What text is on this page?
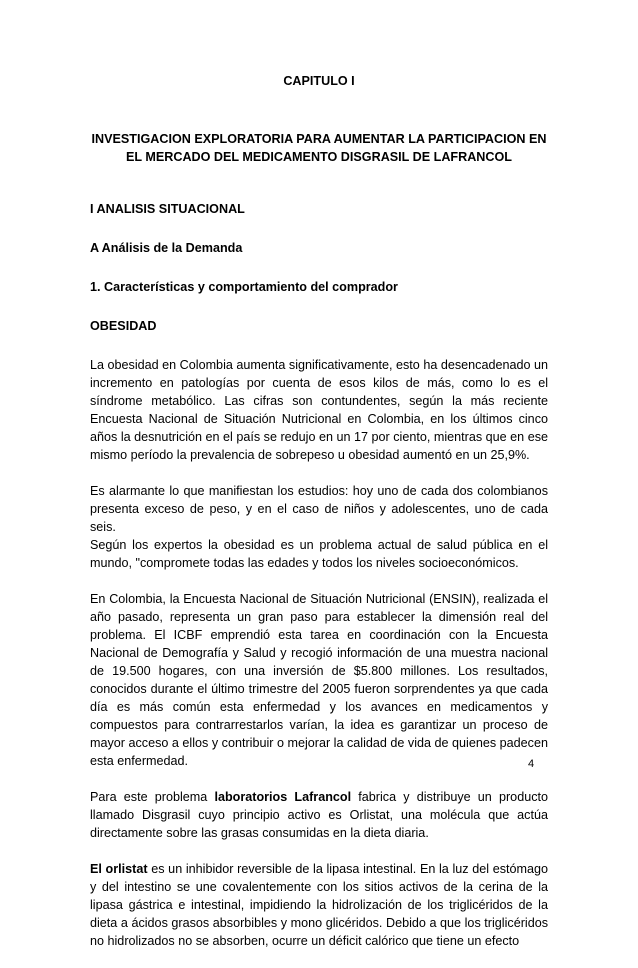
CAPITULO I
INVESTIGACION EXPLORATORIA PARA AUMENTAR LA PARTICIPACION EN EL MERCADO DEL MEDICAMENTO DISGRASIL DE LAFRANCOL
I ANALISIS SITUACIONAL
A Análisis de la Demanda
1. Características y comportamiento del comprador
OBESIDAD

La obesidad en Colombia aumenta significativamente, esto ha desencadenado un incremento en patologías por cuenta de esos kilos de más, como lo es el síndrome metabólico. Las cifras son contundentes, según la más reciente Encuesta Nacional de Situación Nutricional en Colombia, en los últimos cinco años la desnutrición en el país se redujo en un 17 por ciento, mientras que en ese mismo período la prevalencia de sobrepeso u obesidad aumentó en un 25,9%.

Es alarmante lo que manifiestan los estudios: hoy uno de cada dos colombianos presenta exceso de peso, y en el caso de niños y adolescentes, uno de cada seis.

Según los expertos la obesidad es un problema actual de salud pública en el mundo, "compromete todas las edades y todos los niveles socioeconómicos.

En Colombia, la Encuesta Nacional de Situación Nutricional (ENSIN), realizada el año pasado, representa un gran paso para establecer la dimensión real del problema. El ICBF emprendió esta tarea en coordinación con la Encuesta Nacional de Demografía y Salud y recogió información de una muestra nacional de 19.500 hogares, con una inversión de $5.800 millones. Los resultados, conocidos durante el último trimestre del 2005 fueron sorprendentes ya que cada día es más común esta enfermedad y los avances en medicamentos y compuestos para contrarrestarlos varían, la idea es garantizar un proceso de mayor acceso a ellos y contribuir o mejorar la calidad de vida de quienes padecen esta enfermedad.

Para este problema laboratorios Lafrancol fabrica y distribuye un producto llamado Disgrasil cuyo principio activo es Orlistat, una molécula que actúa directamente sobre las grasas consumidas en la dieta diaria.

El orlistat es un inhibidor reversible de la lipasa intestinal. En la luz del estómago y del intestino se une covalentemente con los sitios activos de la cerina de la lipasa gástrica e intestinal, impidiendo la hidrolización de los triglicéridos de la dieta a ácidos grasos absorbibles y mono glicéridos. Debido a que los triglicéridos no hidrolizados no se absorben, ocurre un déficit calórico que tiene un efecto

4
